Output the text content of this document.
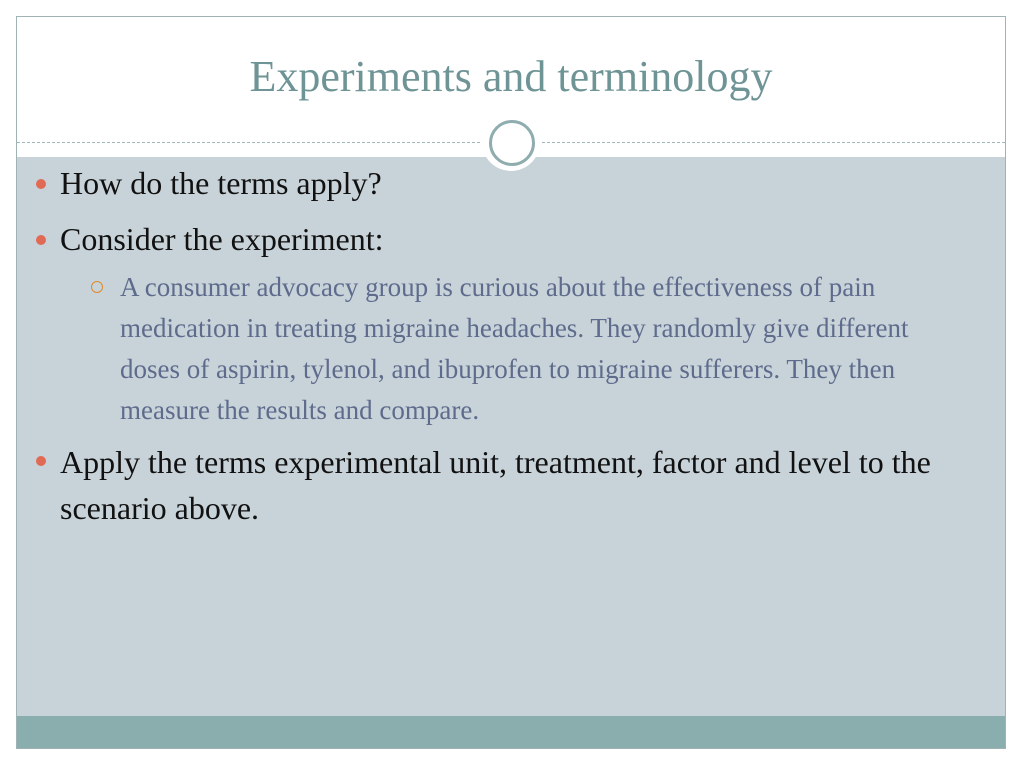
Experiments and terminology
How do the terms apply?
Consider the experiment:
A consumer advocacy group is curious about the effectiveness of pain medication in treating migraine headaches. They randomly give different doses of aspirin, tylenol, and ibuprofen to migraine sufferers. They then measure the results and compare.
Apply the terms experimental unit, treatment, factor and level to the scenario above.
